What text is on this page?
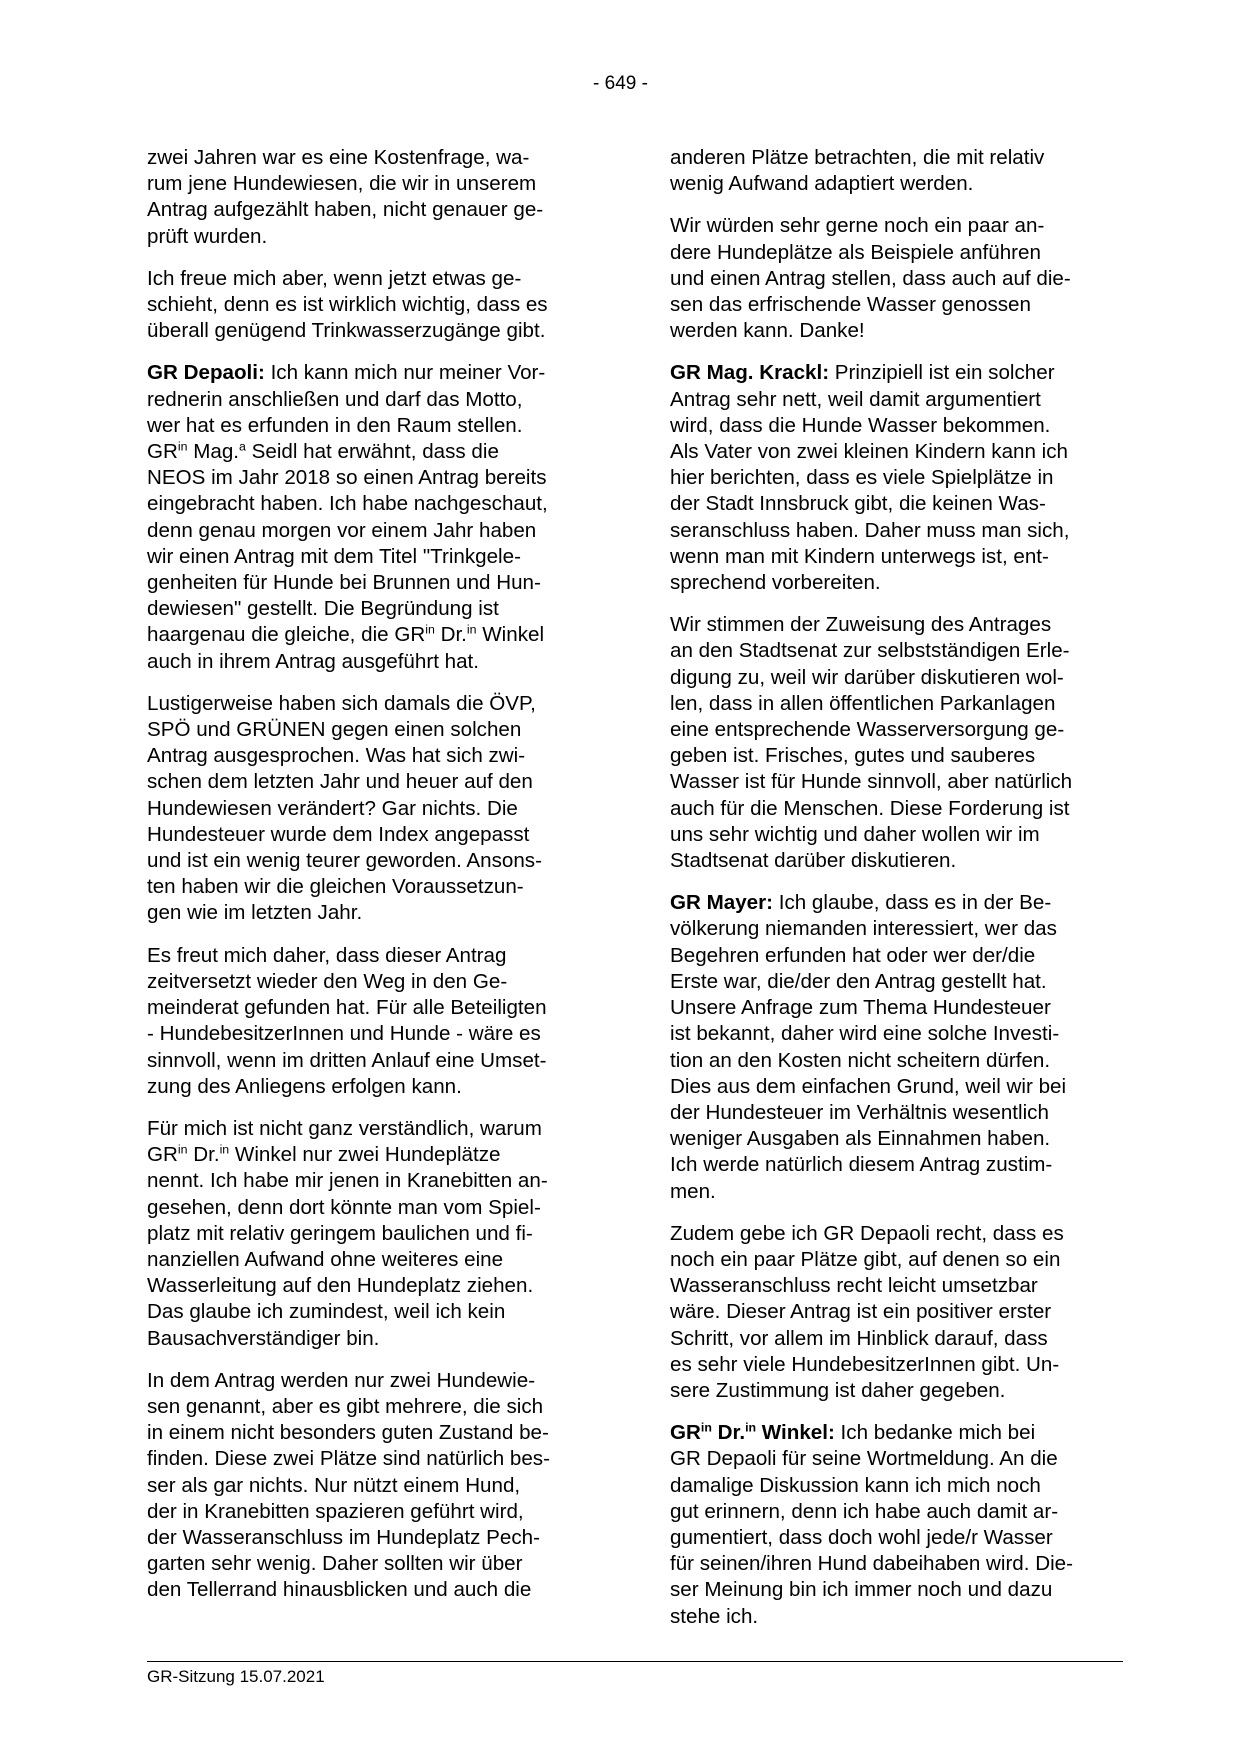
- 649 -

zwei Jahren war es eine Kostenfrage, wa-
rum jene Hundewiesen, die wir in unserem
Antrag aufgezählt haben, nicht genauer ge-
prüft wurden.

Ich freue mich aber, wenn jetzt etwas ge-
schieht, denn es ist wirklich wichtig, dass es
überall genügend Trinkwasserzugänge gibt.

GR Depaoli: Ich kann mich nur meiner Vor-
rednerin anschließen und darf das Motto,
wer hat es erfunden in den Raum stellen.
$GR^{in}$ Mag.$^a$ Seidl hat erwähnt, dass die
NEOS im Jahr 2018 so einen Antrag bereits
eingebracht haben. Ich habe nachgeschaut,
denn genau morgen vor einem Jahr haben
wir einen Antrag mit dem Titel "Trinkgele-
genheiten für Hunde bei Brunnen und Hun-
dewiesen" gestellt. Die Begründung ist
haargenau die gleiche, die $GR^{in}$ Dr.$^{in}$ Winkel
auch in ihrem Antrag ausgeführt hat.

Lustigerweise haben sich damals die ÖVP,
SPÖ und GRÜNEN gegen einen solchen
Antrag ausgesprochen. Was hat sich zwi-
schen dem letzten Jahr und heuer auf den
Hundewiesen verändert? Gar nichts. Die
Hundesteuer wurde dem Index angepasst
und ist ein wenig teurer geworden. Ansons-
ten haben wir die gleichen Voraussetzun-
gen wie im letzten Jahr.

Es freut mich daher, dass dieser Antrag
zeitversetzt wieder den Weg in den Ge-
meinderat gefunden hat. Für alle Beteiligten
- HundebesitzerInnen und Hunde - wäre es
sinnvoll, wenn im dritten Anlauf eine Umset-
zung des Anliegens erfolgen kann.

Für mich ist nicht ganz verständlich, warum
$GR^{in}$ Dr.$^{in}$ Winkel nur zwei Hundeplätze
nennt. Ich habe mir jenen in Kranebitten an-
gesehen, denn dort könnte man vom Spiel-
platz mit relativ geringem baulichen und fi-
nanziellen Aufwand ohne weiteres eine
Wasserleitung auf den Hundeplatz ziehen.
Das glaube ich zumindest, weil ich kein
Bausachverständiger bin.

In dem Antrag werden nur zwei Hundewie-
sen genannt, aber es gibt mehrere, die sich
in einem nicht besonders guten Zustand be-
finden. Diese zwei Plätze sind natürlich bes-
ser als gar nichts. Nur nützt einem Hund,
der in Kranebitten spazieren geführt wird,
der Wasseranschluss im Hundeplatz Pech-
garten sehr wenig. Daher sollten wir über
den Tellerrand hinausblicken und auch die

anderen Plätze betrachten, die mit relativ
wenig Aufwand adaptiert werden.

Wir würden sehr gerne noch ein paar an-
dere Hundeplätze als Beispiele anführen
und einen Antrag stellen, dass auch auf die-
sen das erfrischende Wasser genossen
werden kann. Danke!

GR Mag. Krackl: Prinzipiell ist ein solcher
Antrag sehr nett, weil damit argumentiert
wird, dass die Hunde Wasser bekommen.
Als Vater von zwei kleinen Kindern kann ich
hier berichten, dass es viele Spielplätze in
der Stadt Innsbruck gibt, die keinen Was-
seranschluss haben. Daher muss man sich,
wenn man mit Kindern unterwegs ist, ent-
sprechend vorbereiten.

Wir stimmen der Zuweisung des Antrages
an den Stadtsenat zur selbstständigen Erle-
digung zu, weil wir darüber diskutieren wol-
len, dass in allen öffentlichen Parkanlagen
eine entsprechende Wasserversorgung ge-
geben ist. Frisches, gutes und sauberes
Wasser ist für Hunde sinnvoll, aber natürlich
auch für die Menschen. Diese Forderung ist
uns sehr wichtig und daher wollen wir im
Stadtsenat darüber diskutieren.

GR Mayer: Ich glaube, dass es in der Be-
völkerung niemanden interessiert, wer das
Begehren erfunden hat oder wer der/die
Erste war, die/der den Antrag gestellt hat.
Unsere Anfrage zum Thema Hundesteuer
ist bekannt, daher wird eine solche Investi-
tion an den Kosten nicht scheitern dürfen.
Dies aus dem einfachen Grund, weil wir bei
der Hundesteuer im Verhältnis wesentlich
weniger Ausgaben als Einnahmen haben.
Ich werde natürlich diesem Antrag zustim-
men.

Zudem gebe ich GR Depaoli recht, dass es
noch ein paar Plätze gibt, auf denen so ein
Wasseranschluss recht leicht umsetzbar
wäre. Dieser Antrag ist ein positiver erster
Schritt, vor allem im Hinblick darauf, dass
es sehr viele HundebesitzerInnen gibt. Un-
sere Zustimmung ist daher gegeben.

$GR^{in}$ Dr.$^{in}$ Winkel: Ich bedanke mich bei
GR Depaoli für seine Wortmeldung. An die
damalige Diskussion kann ich mich noch
gut erinnern, denn ich habe auch damit ar-
gumentiert, dass doch wohl jede/r Wasser
für seinen/ihren Hund dabeihaben wird. Die-
ser Meinung bin ich immer noch und dazu
stehe ich.

GR-Sitzung 15.07.2021
